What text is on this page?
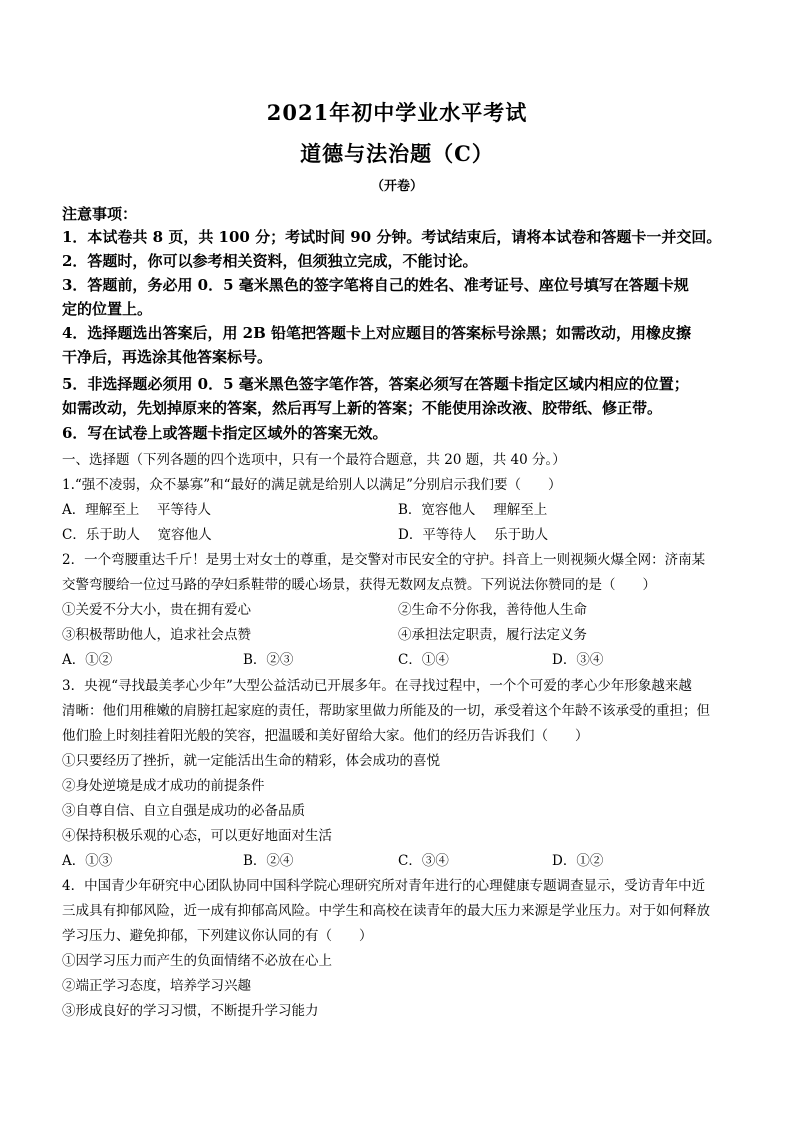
2021年初中学业水平考试
道德与法治题（C）
（开卷）
注意事项：
1．本试卷共 8 页，共 100 分；考试时间 90 分钟。考试结束后，请将本试卷和答题卡一并交回。
2．答题时，你可以参考相关资料，但须独立完成，不能讨论。
3．答题前，务必用 0．5 毫米黑色的签字笔将自己的姓名、准考证号、座位号填写在答题卡规
定的位置上。
4．选择题选出答案后，用 2B 铅笔把答题卡上对应题目的答案标号涂黑；如需改动，用橡皮擦
干净后，再选涂其他答案标号。
5．非选择题必须用 0．5 毫米黑色签字笔作答，答案必须写在答题卡指定区域内相应的位置；
如需改动，先划掉原来的答案，然后再写上新的答案；不能使用涂改液、胶带纸、修正带。
6．写在试卷上或答题卡指定区域外的答案无效。
一、选择题（下列各题的四个选项中，只有一个最符合题意，共 20 题，共 40 分。）
1.“强不凌弱，众不暴寡”和“最好的满足就是给别人以满足”分别启示我们要（　　）
A．理解至上　 平等待人	B．宽容他人　 理解至上
C．乐于助人　 宽容他人	D．平等待人　 乐于助人
2．一个弯腰重达千斤！是男士对女士的尊重，是交警对市民安全的守护。抖音上一则视频火爆全网：济南某
交警弯腰给一位过马路的孕妇系鞋带的暖心场景，获得无数网友点赞。下列说法你赞同的是（　　）
①关爱不分大小，贵在拥有爱心	②生命不分你我，善待他人生命
③积极帮助他人，追求社会点赞	④承担法定职责，履行法定义务
A．①②	B．②③	C．①④	D．③④
3．央视“寻找最美孝心少年”大型公益活动已开展多年。在寻找过程中，一个个可爱的孝心少年形象越来越
清晰：他们用稚嫩的肩膀扛起家庭的责任，帮助家里做力所能及的一切，承受着这个年龄不该承受的重担；但
他们脸上时刻挂着阳光般的笑容，把温暖和美好留给大家。他们的经历告诉我们（　　）
①只要经历了挫折，就一定能活出生命的精彩，体会成功的喜悦
②身处逆境是成才成功的前提条件
③自尊自信、自立自强是成功的必备品质
④保持积极乐观的心态，可以更好地面对生活
A．①③	B．②④	C．③④	D．①②
4．中国青少年研究中心团队协同中国科学院心理研究所对青年进行的心理健康专题调查显示，受访青年中近
三成具有抑郁风险，近一成有抑郁高风险。中学生和高校在读青年的最大压力来源是学业压力。对于如何释放
学习压力、避免抑郁，下列建议你认同的有（　　）
①因学习压力而产生的负面情绪不必放在心上
②端正学习态度，培养学习兴趣
③形成良好的学习习惯，不断提升学习能力
